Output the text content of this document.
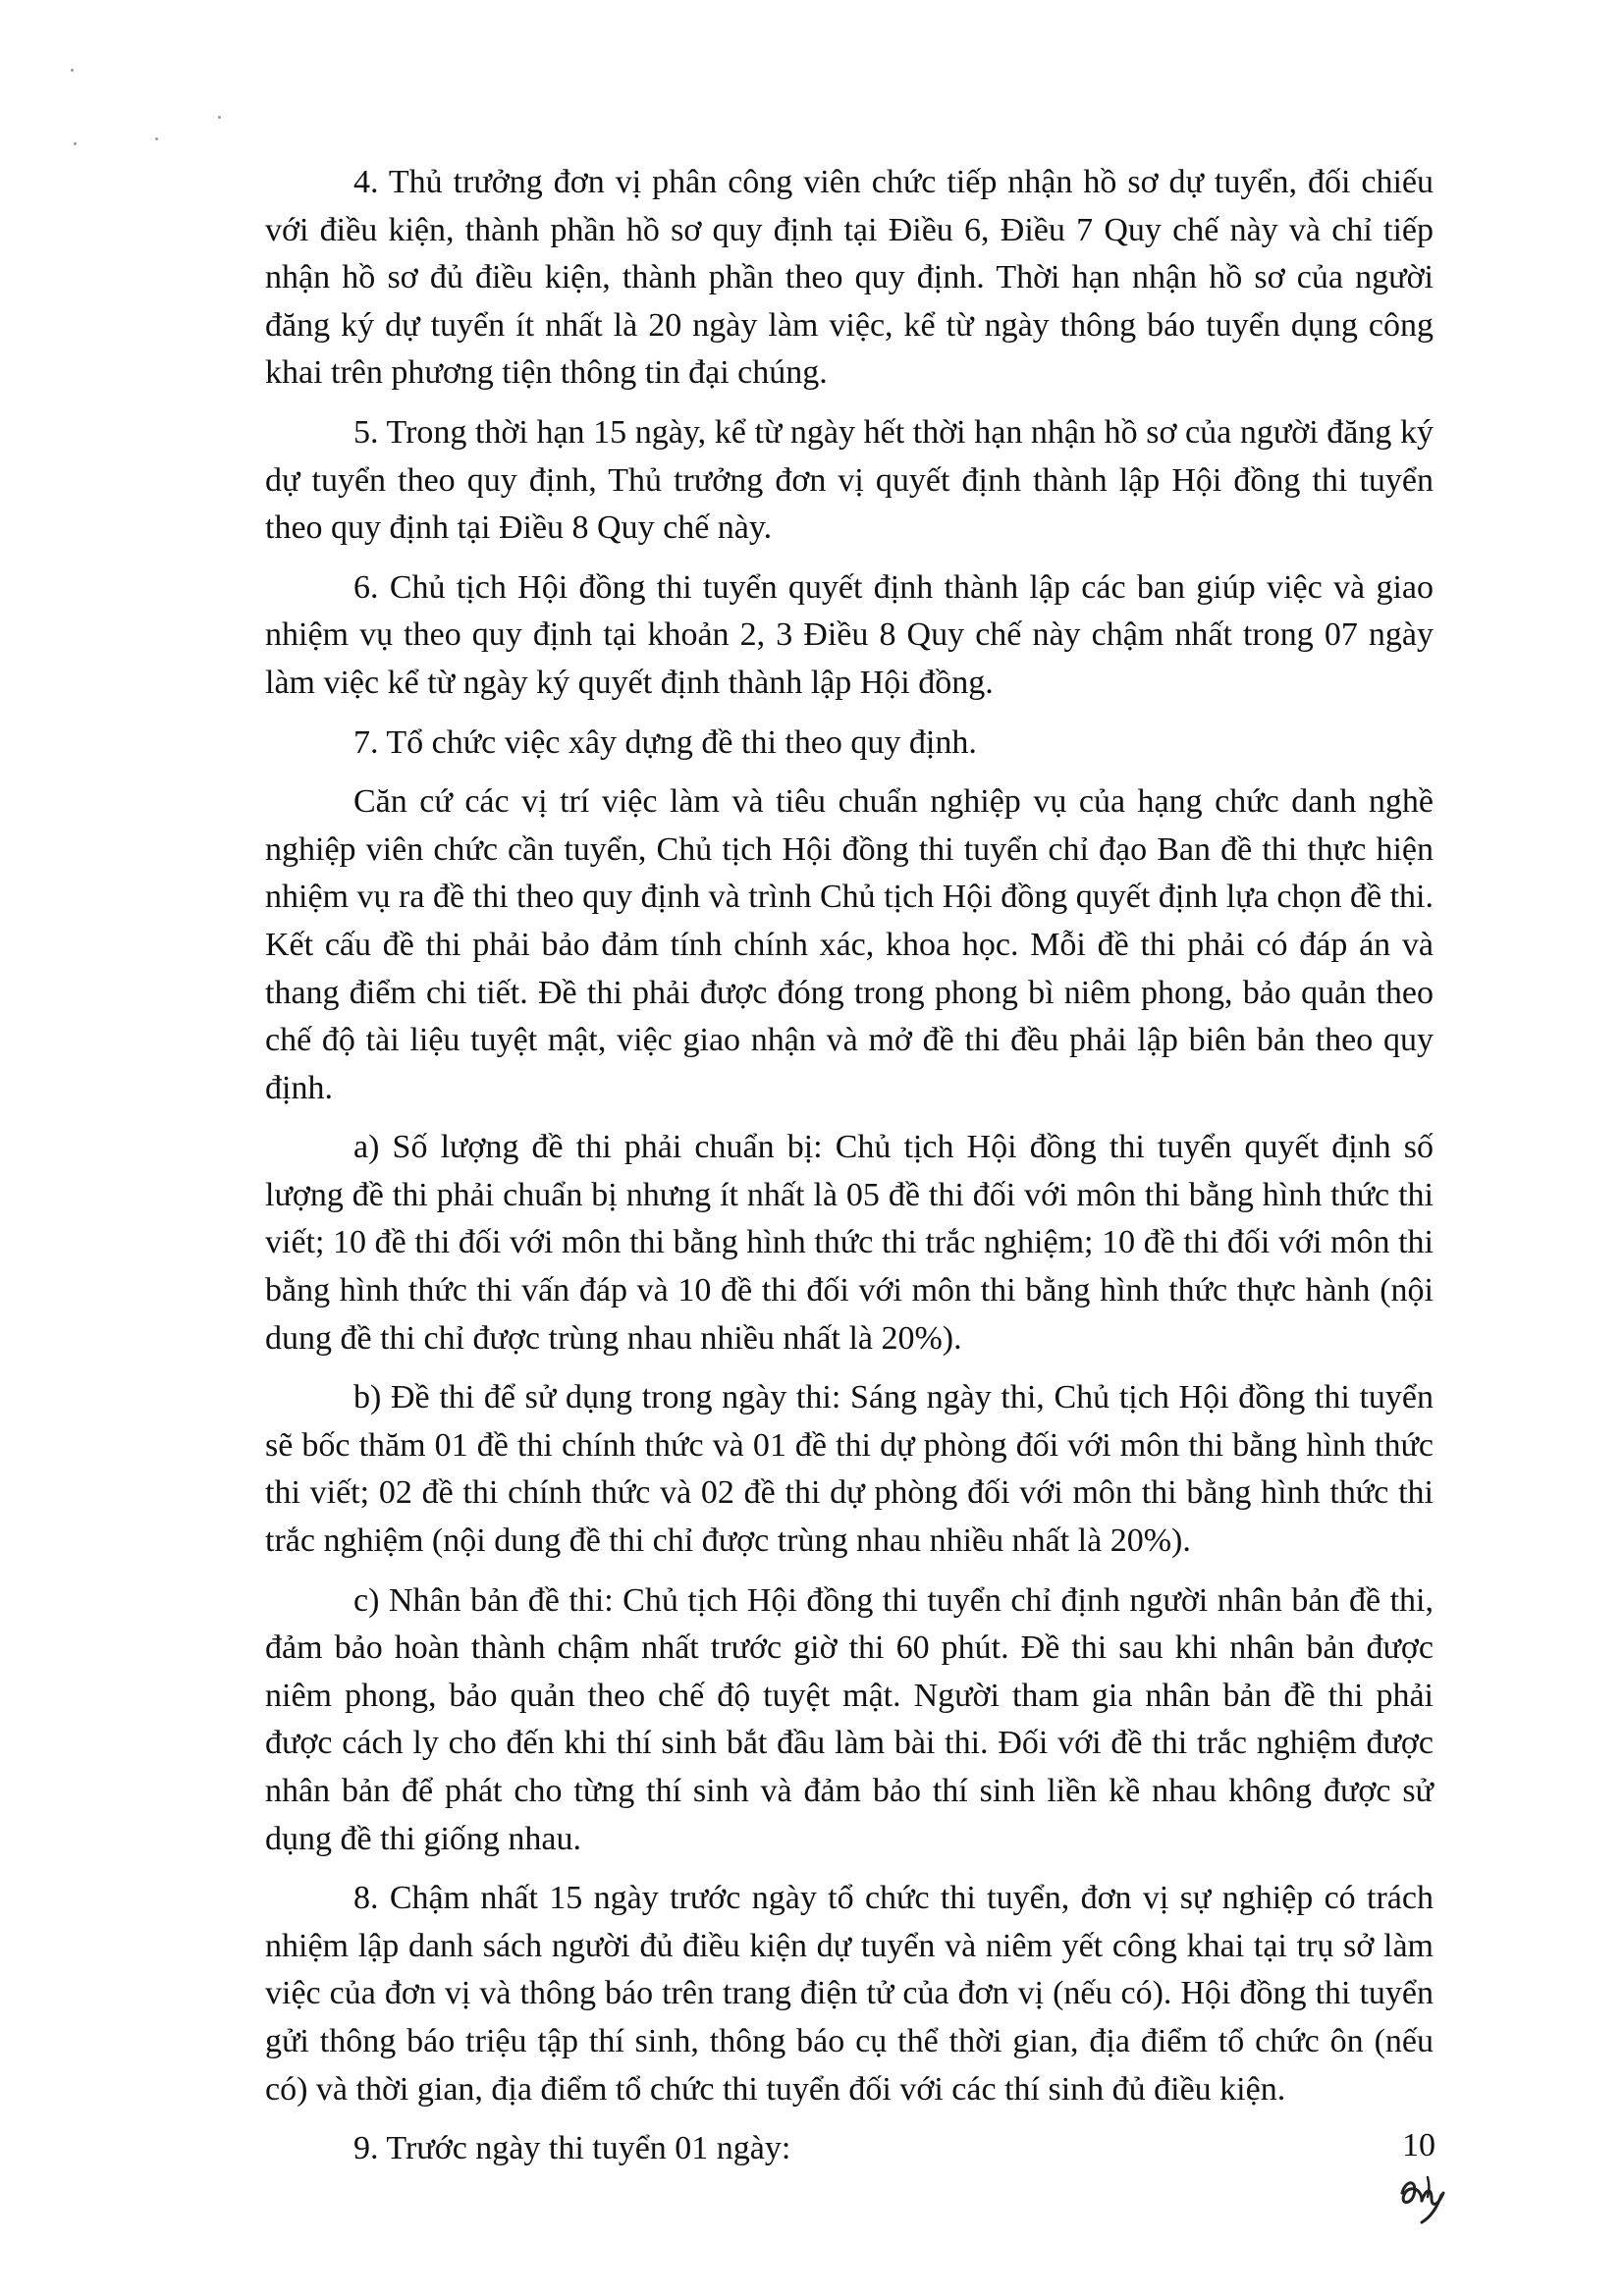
4. Thủ trưởng đơn vị phân công viên chức tiếp nhận hồ sơ dự tuyển, đối chiếu với điều kiện, thành phần hồ sơ quy định tại Điều 6, Điều 7 Quy chế này và chỉ tiếp nhận hồ sơ đủ điều kiện, thành phần theo quy định. Thời hạn nhận hồ sơ của người đăng ký dự tuyển ít nhất là 20 ngày làm việc, kể từ ngày thông báo tuyển dụng công khai trên phương tiện thông tin đại chúng.

5. Trong thời hạn 15 ngày, kể từ ngày hết thời hạn nhận hồ sơ của người đăng ký dự tuyển theo quy định, Thủ trưởng đơn vị quyết định thành lập Hội đồng thi tuyển theo quy định tại Điều 8 Quy chế này.

6. Chủ tịch Hội đồng thi tuyển quyết định thành lập các ban giúp việc và giao nhiệm vụ theo quy định tại khoản 2, 3 Điều 8 Quy chế này chậm nhất trong 07 ngày làm việc kể từ ngày ký quyết định thành lập Hội đồng.

7. Tổ chức việc xây dựng đề thi theo quy định.

Căn cứ các vị trí việc làm và tiêu chuẩn nghiệp vụ của hạng chức danh nghề nghiệp viên chức cần tuyển, Chủ tịch Hội đồng thi tuyển chỉ đạo Ban đề thi thực hiện nhiệm vụ ra đề thi theo quy định và trình Chủ tịch Hội đồng quyết định lựa chọn đề thi. Kết cấu đề thi phải bảo đảm tính chính xác, khoa học. Mỗi đề thi phải có đáp án và thang điểm chi tiết. Đề thi phải được đóng trong phong bì niêm phong, bảo quản theo chế độ tài liệu tuyệt mật, việc giao nhận và mở đề thi đều phải lập biên bản theo quy định.

a) Số lượng đề thi phải chuẩn bị: Chủ tịch Hội đồng thi tuyển quyết định số lượng đề thi phải chuẩn bị nhưng ít nhất là 05 đề thi đối với môn thi bằng hình thức thi viết; 10 đề thi đối với môn thi bằng hình thức thi trắc nghiệm; 10 đề thi đối với môn thi bằng hình thức thi vấn đáp và 10 đề thi đối với môn thi bằng hình thức thực hành (nội dung đề thi chỉ được trùng nhau nhiều nhất là 20%).

b) Đề thi để sử dụng trong ngày thi: Sáng ngày thi, Chủ tịch Hội đồng thi tuyển sẽ bốc thăm 01 đề thi chính thức và 01 đề thi dự phòng đối với môn thi bằng hình thức thi viết; 02 đề thi chính thức và 02 đề thi dự phòng đối với môn thi bằng hình thức thi trắc nghiệm (nội dung đề thi chỉ được trùng nhau nhiều nhất là 20%).

c) Nhân bản đề thi: Chủ tịch Hội đồng thi tuyển chỉ định người nhân bản đề thi, đảm bảo hoàn thành chậm nhất trước giờ thi 60 phút. Đề thi sau khi nhân bản được niêm phong, bảo quản theo chế độ tuyệt mật. Người tham gia nhân bản đề thi phải được cách ly cho đến khi thí sinh bắt đầu làm bài thi. Đối với đề thi trắc nghiệm được nhân bản để phát cho từng thí sinh và đảm bảo thí sinh liền kề nhau không được sử dụng đề thi giống nhau.

8. Chậm nhất 15 ngày trước ngày tổ chức thi tuyển, đơn vị sự nghiệp có trách nhiệm lập danh sách người đủ điều kiện dự tuyển và niêm yết công khai tại trụ sở làm việc của đơn vị và thông báo trên trang điện tử của đơn vị (nếu có). Hội đồng thi tuyển gửi thông báo triệu tập thí sinh, thông báo cụ thể thời gian, địa điểm tổ chức ôn (nếu có) và thời gian, địa điểm tổ chức thi tuyển đối với các thí sinh đủ điều kiện.

9. Trước ngày thi tuyển 01 ngày:	10
